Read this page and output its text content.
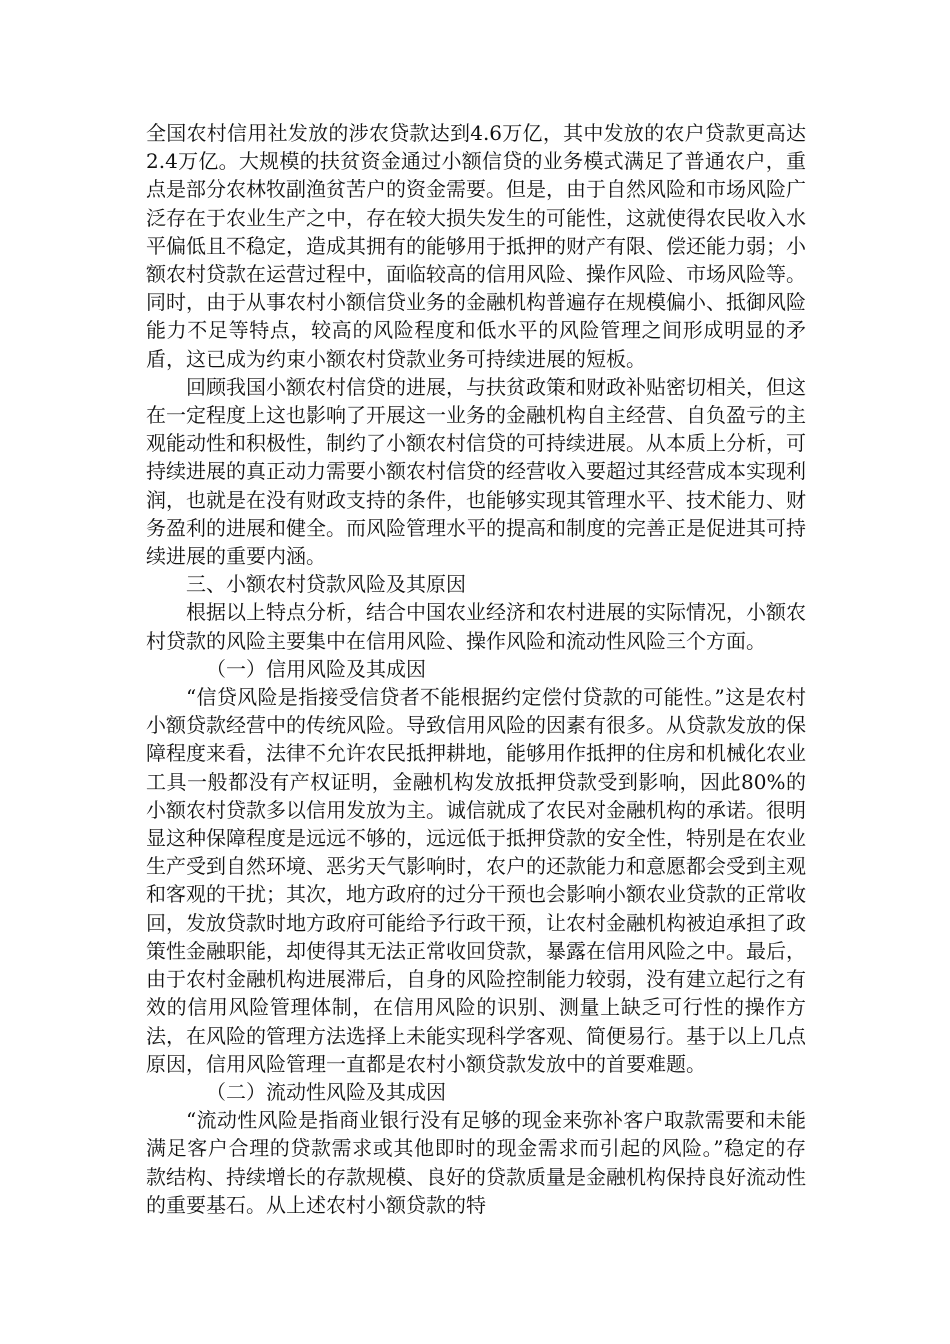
全国农村信用社发放的涉农贷款达到4.6万亿，其中发放的农户贷款更高达2.4万亿。大规模的扶贫资金通过小额信贷的业务模式满足了普通农户，重点是部分农林牧副渔贫苦户的资金需要。但是，由于自然风险和市场风险广泛存在于农业生产之中，存在较大损失发生的可能性，这就使得农民收入水平偏低且不稳定，造成其拥有的能够用于抵押的财产有限、偿还能力弱；小额农村贷款在运营过程中，面临较高的信用风险、操作风险、市场风险等。同时，由于从事农村小额信贷业务的金融机构普遍存在规模偏小、抵御风险能力不足等特点，较高的风险程度和低水平的风险管理之间形成明显的矛盾，这已成为约束小额农村贷款业务可持续进展的短板。

回顾我国小额农村信贷的进展，与扶贫政策和财政补贴密切相关，但这在一定程度上这也影响了开展这一业务的金融机构自主经营、自负盈亏的主观能动性和积极性，制约了小额农村信贷的可持续进展。从本质上分析，可持续进展的真正动力需要小额农村信贷的经营收入要超过其经营成本实现利润，也就是在没有财政支持的条件，也能够实现其管理水平、技术能力、财务盈利的进展和健全。而风险管理水平的提高和制度的完善正是促进其可持续进展的重要内涵。

三、小额农村贷款风险及其原因

根据以上特点分析，结合中国农业经济和农村进展的实际情况，小额农村贷款的风险主要集中在信用风险、操作风险和流动性风险三个方面。

（一）信用风险及其成因

“信贷风险是指接受信贷者不能根据约定偿付贷款的可能性。”这是农村小额贷款经营中的传统风险。导致信用风险的因素有很多。从贷款发放的保障程度来看，法律不允许农民抵押耕地，能够用作抵押的住房和机械化农业工具一般都没有产权证明，金融机构发放抵押贷款受到影响，因此80%的小额农村贷款多以信用发放为主。诚信就成了农民对金融机构的承诺。很明显这种保障程度是远远不够的，远远低于抵押贷款的安全性，特别是在农业生产受到自然环境、恶劣天气影响时，农户的还款能力和意愿都会受到主观和客观的干扰；其次，地方政府的过分干预也会影响小额农业贷款的正常收回，发放贷款时地方政府可能给予行政干预，让农村金融机构被迫承担了政策性金融职能，却使得其无法正常收回贷款，暴露在信用风险之中。最后，由于农村金融机构进展滞后，自身的风险控制能力较弱，没有建立起行之有效的信用风险管理体制，在信用风险的识别、测量上缺乏可行性的操作方法，在风险的管理方法选择上未能实现科学客观、简便易行。基于以上几点原因，信用风险管理一直都是农村小额贷款发放中的首要难题。

（二）流动性风险及其成因

“流动性风险是指商业银行没有足够的现金来弥补客户取款需要和未能满足客户合理的贷款需求或其他即时的现金需求而引起的风险。”稳定的存款结构、持续增长的存款规模、良好的贷款质量是金融机构保持良好流动性的重要基石。从上述农村小额贷款的特
